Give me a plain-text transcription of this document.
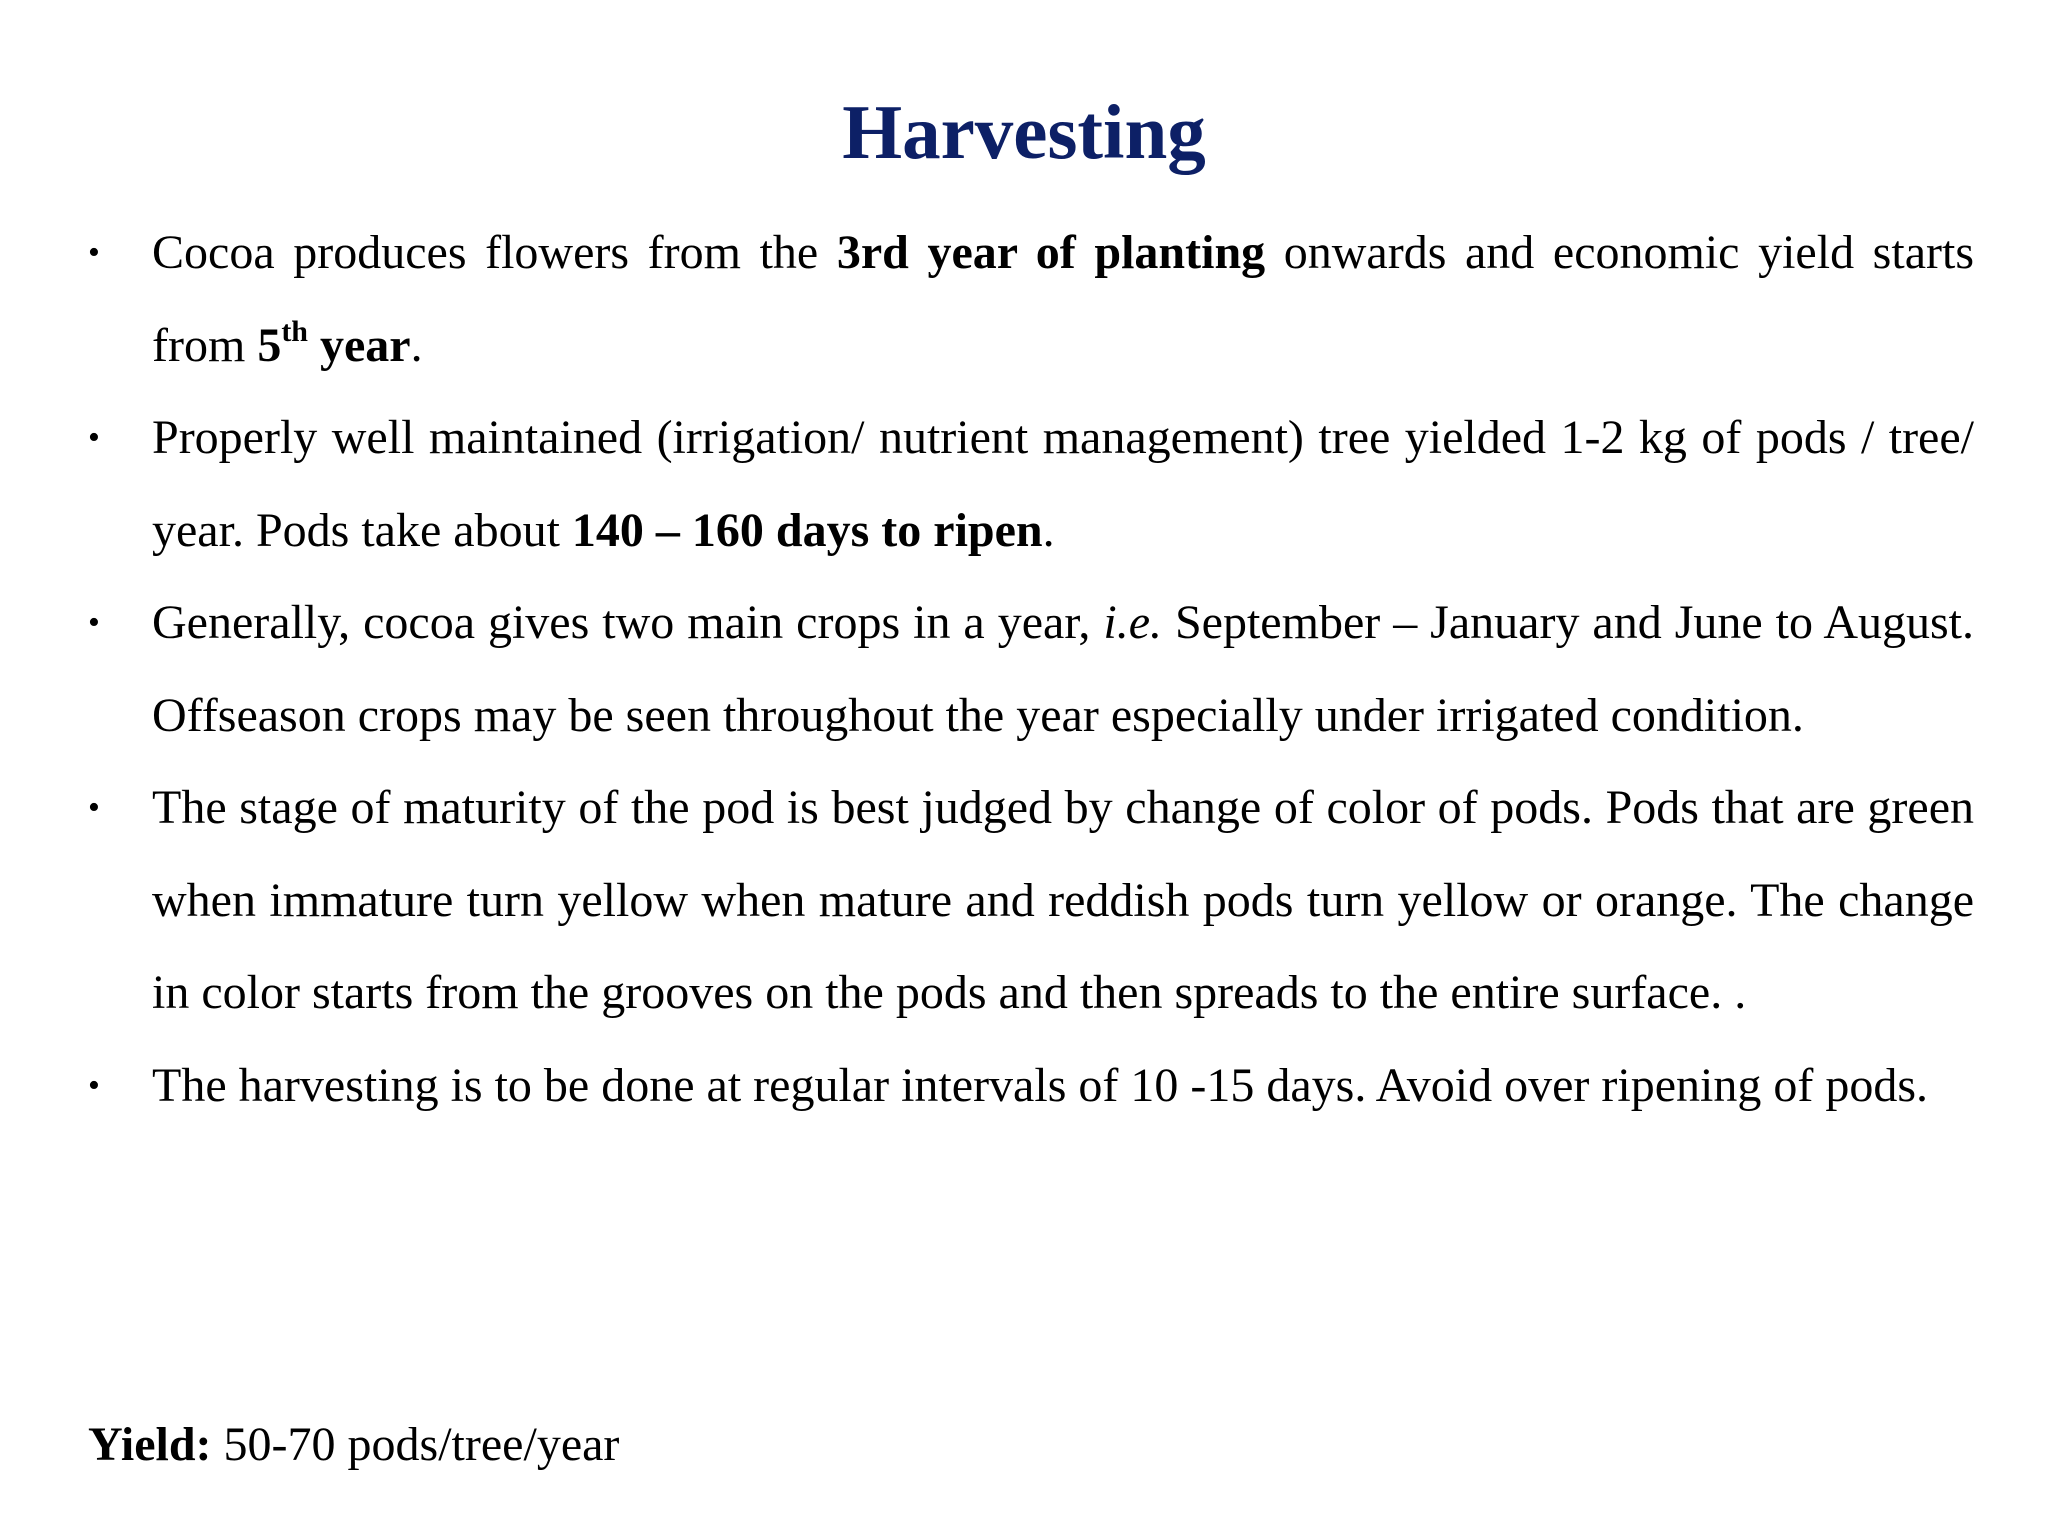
Harvesting
•	Cocoa produces flowers from the 3rd year of planting onwards and economic yield starts from 5th year.
•	Properly well maintained (irrigation/ nutrient management) tree yielded 1-2 kg of pods / tree/ year. Pods take about 140 – 160 days to ripen.
•	Generally, cocoa gives two main crops in a year, i.e. September – January and June to August. Offseason crops may be seen throughout the year especially under irrigated condition.
•	The stage of maturity of the pod is best judged by change of color of pods. Pods that are green when immature turn yellow when mature and reddish pods turn yellow or orange. The change in color starts from the grooves on the pods and then spreads to the entire surface. .
•	The harvesting is to be done at regular intervals of 10 -15 days. Avoid over ripening of pods.
Yield: 50-70 pods/tree/year
